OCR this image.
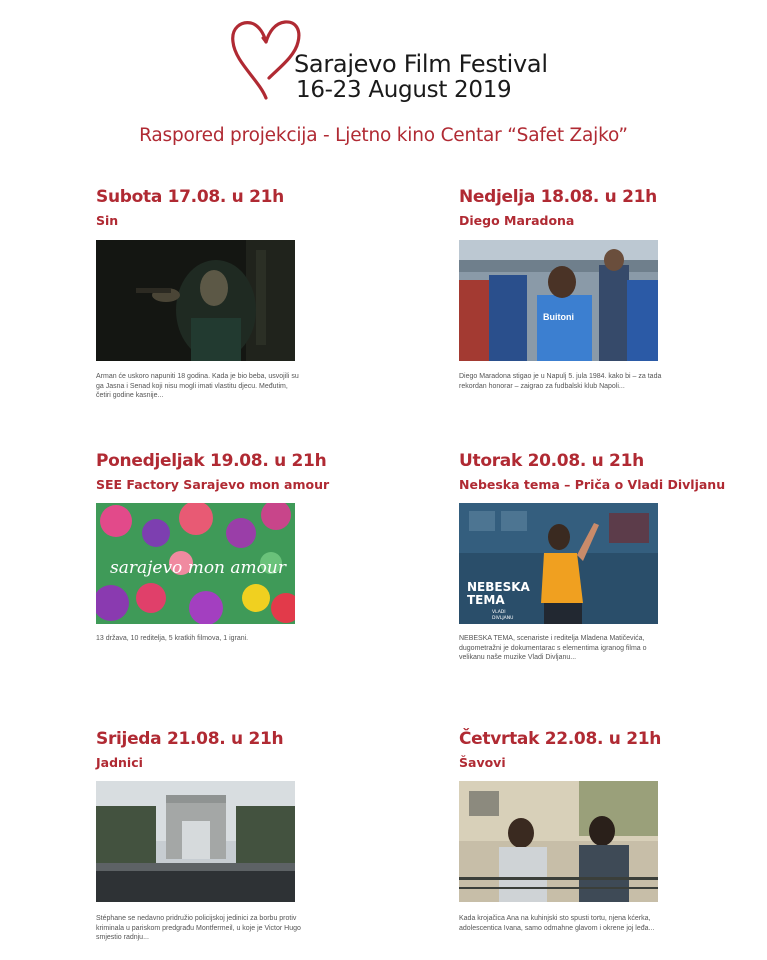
Sarajevo Film Festival
16-23 August 2019
Raspored projekcija - Ljetno kino Centar “Safet Zajko”
Subota 17.08. u 21h
Sin
Arman će uskoro napuniti 18 godina. Kada je bio beba, usvojili su ga Jasna i Senad koji nisu mogli imati vlastitu djecu. Međutim, četiri godine kasnije...
Nedjelja 18.08. u 21h
Diego Maradona
Buitoni
Diego Maradona stigao je u Napulj 5. jula 1984. kako bi – za tada rekordan honorar – zaigrao za fudbalski klub Napoli...
Ponedjeljak 19.08. u 21h
SEE Factory Sarajevo mon amour
sarajevo mon amour
13 država, 10 reditelja, 5 kratkih filmova, 1 igrani.
Utorak 20.08. u 21h
Nebeska tema – Priča o Vladi Divljanu
NEBESKA
TEMA
VLADI
DIVLJANU
NEBESKA TEMA, scenariste i reditelja Mladena Matičevića, dugometražni je dokumentarac s elementima igranog filma o velikanu naše muzike Vladi Divljanu...
Srijeda 21.08. u 21h
Jadnici
Stéphane se nedavno pridružio policijskoj jedinici za borbu protiv kriminala u pariskom predgrađu Montfermeil, u koje je Victor Hugo smjestio radnju...
Četvrtak 22.08. u 21h
Šavovi
Kada krojačica Ana na kuhinjski sto spusti tortu, njena kćerka, adolescentica Ivana, samo odmahne glavom i okrene joj leđa...
